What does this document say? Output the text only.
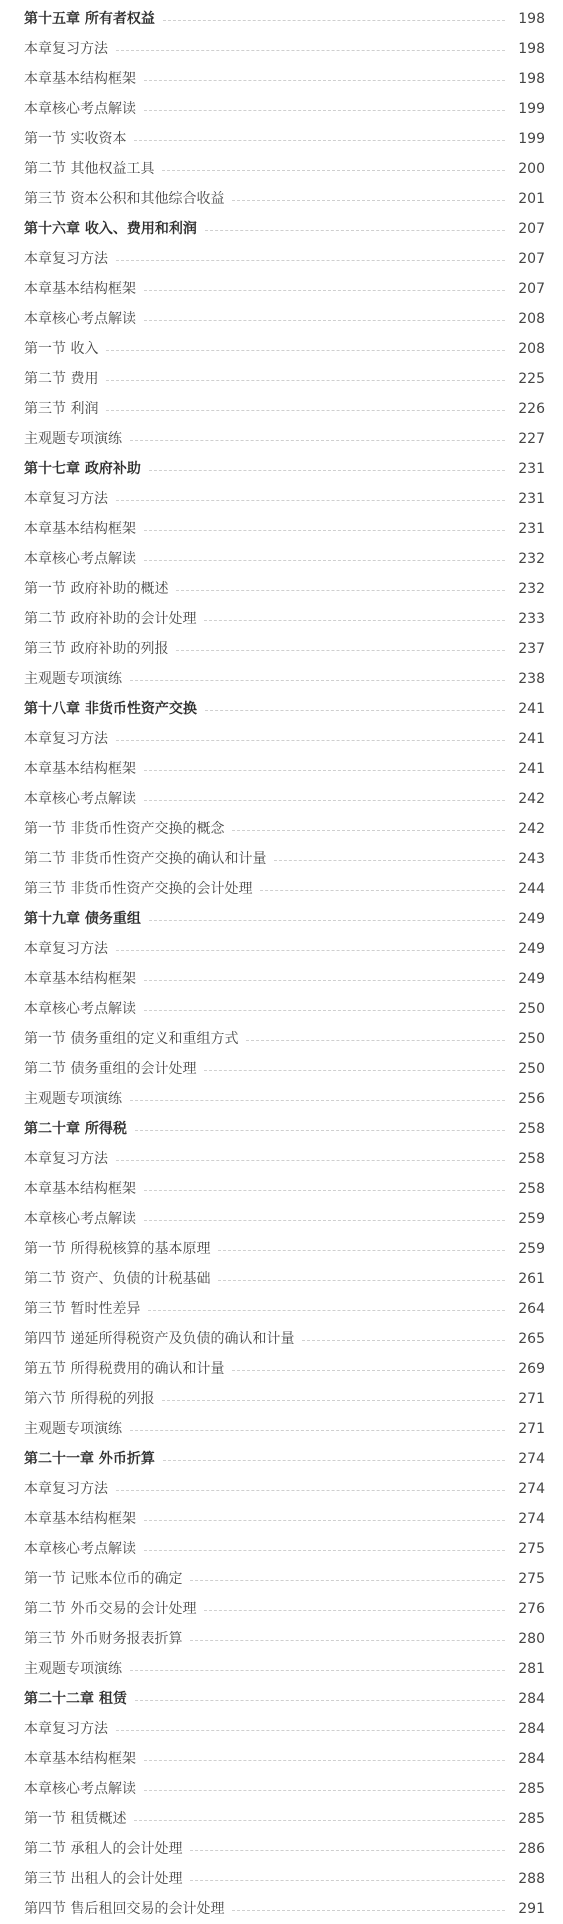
第十五章 所有者权益	198
本章复习方法	198
本章基本结构框架	198
本章核心考点解读	199
第一节 实收资本	199
第二节 其他权益工具	200
第三节 资本公积和其他综合收益	201
第十六章 收入、费用和利润	207
本章复习方法	207
本章基本结构框架	207
本章核心考点解读	208
第一节 收入	208
第二节 费用	225
第三节 利润	226
主观题专项演练	227
第十七章 政府补助	231
本章复习方法	231
本章基本结构框架	231
本章核心考点解读	232
第一节 政府补助的概述	232
第二节 政府补助的会计处理	233
第三节 政府补助的列报	237
主观题专项演练	238
第十八章 非货币性资产交换	241
本章复习方法	241
本章基本结构框架	241
本章核心考点解读	242
第一节 非货币性资产交换的概念	242
第二节 非货币性资产交换的确认和计量	243
第三节 非货币性资产交换的会计处理	244
第十九章 债务重组	249
本章复习方法	249
本章基本结构框架	249
本章核心考点解读	250
第一节 债务重组的定义和重组方式	250
第二节 债务重组的会计处理	250
主观题专项演练	256
第二十章 所得税	258
本章复习方法	258
本章基本结构框架	258
本章核心考点解读	259
第一节 所得税核算的基本原理	259
第二节 资产、负债的计税基础	261
第三节 暂时性差异	264
第四节 递延所得税资产及负债的确认和计量	265
第五节 所得税费用的确认和计量	269
第六节 所得税的列报	271
主观题专项演练	271
第二十一章 外币折算	274
本章复习方法	274
本章基本结构框架	274
本章核心考点解读	275
第一节 记账本位币的确定	275
第二节 外币交易的会计处理	276
第三节 外币财务报表折算	280
主观题专项演练	281
第二十二章 租赁	284
本章复习方法	284
本章基本结构框架	284
本章核心考点解读	285
第一节 租赁概述	285
第二节 承租人的会计处理	286
第三节 出租人的会计处理	288
第四节 售后租回交易的会计处理	291
